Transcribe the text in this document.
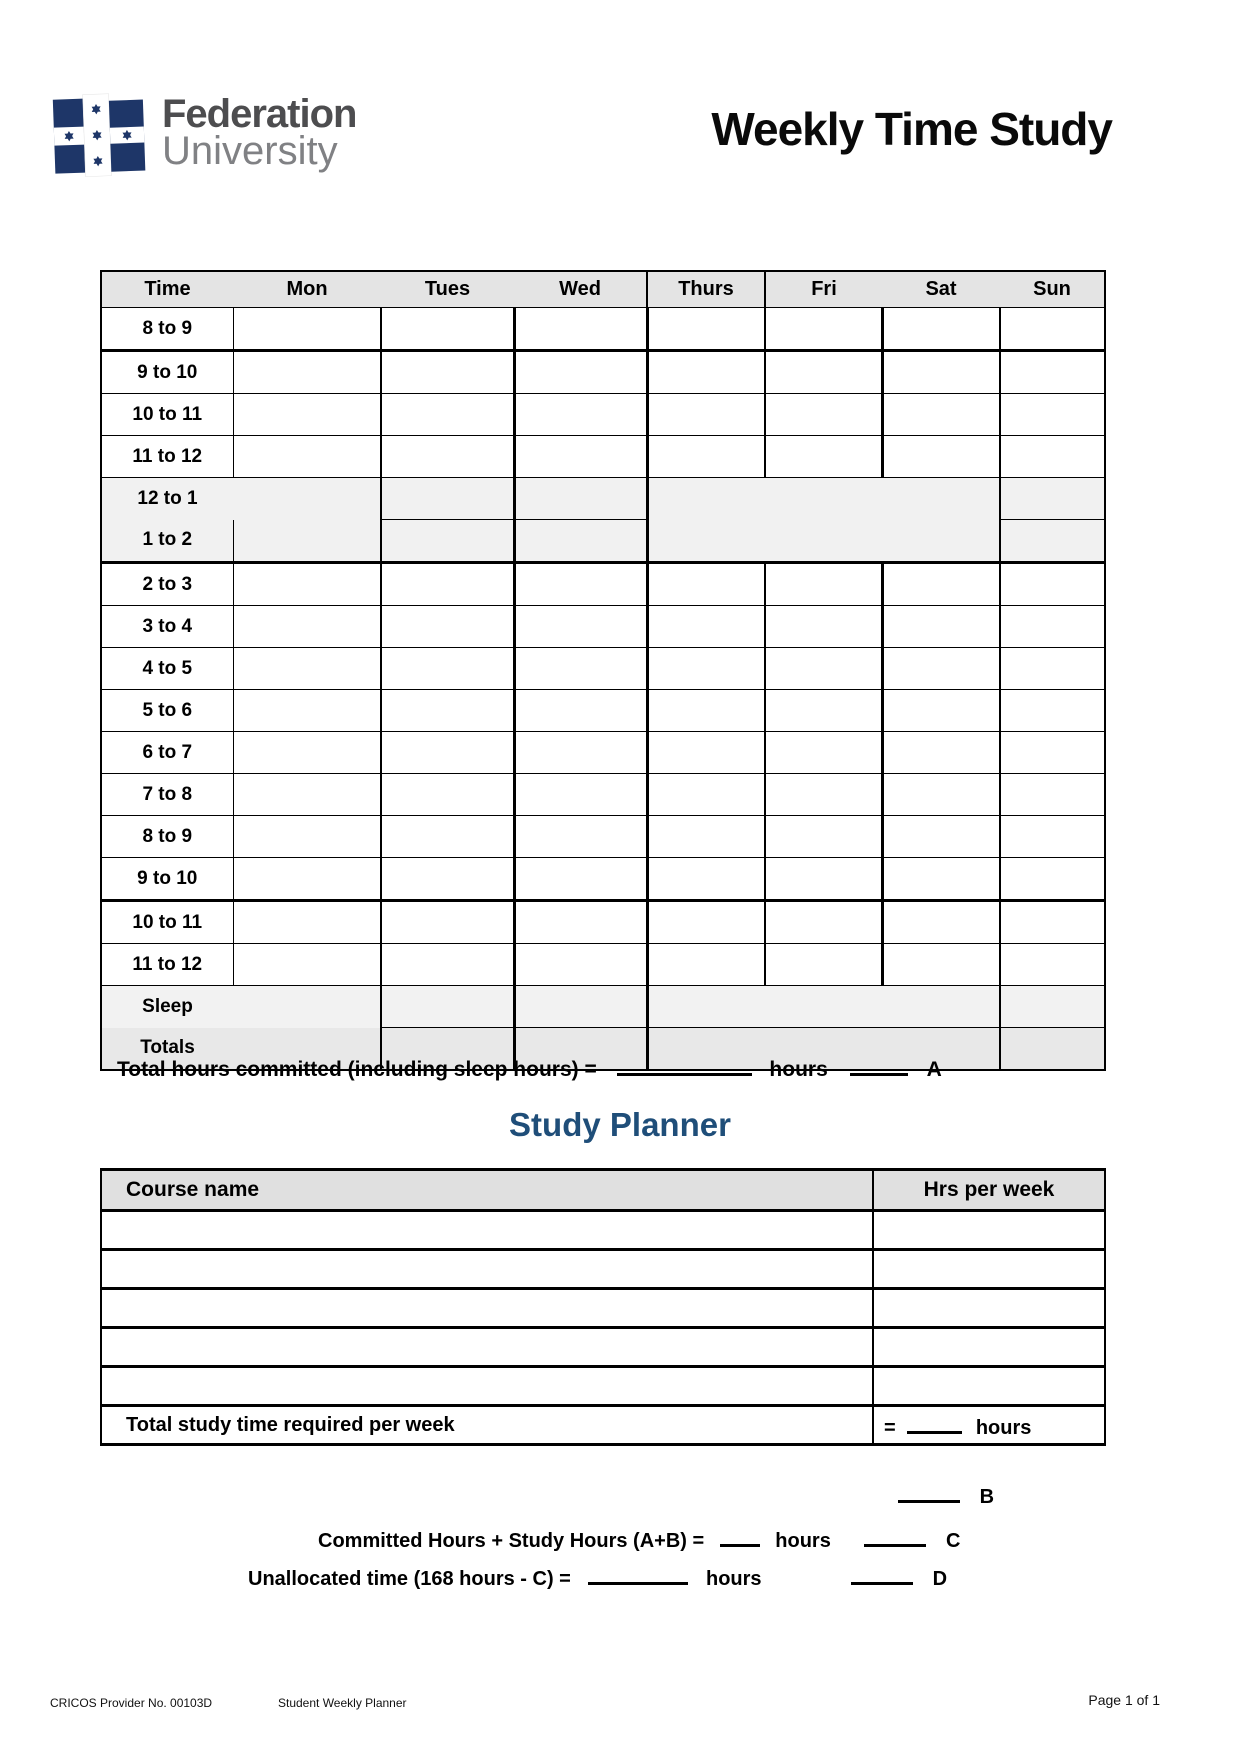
Federation
University	Weekly Time Study
Time	Mon	Tues	Wed	Thurs	Fri	Sat	Sun
8 to 9							
9 to 10							
10 to 11							
11 to 12							
12 to 1							
1 to 2							
2 to 3							
3 to 4							
4 to 5							
5 to 6							
6 to 7							
7 to 8							
8 to 9							
9 to 10							
10 to 11							
11 to 12							
Sleep							
Totals							
Total hours committed (including sleep hours) =	hours	A
Study Planner
Course name	Hrs per week

Total study time required per week	= hours
B
Committed Hours + Study Hours (A+B) =	hours	C
Unallocated time (168 hours - C) =	hours	D
CRICOS Provider No. 00103D	Student Weekly Planner	Page 1 of 1
